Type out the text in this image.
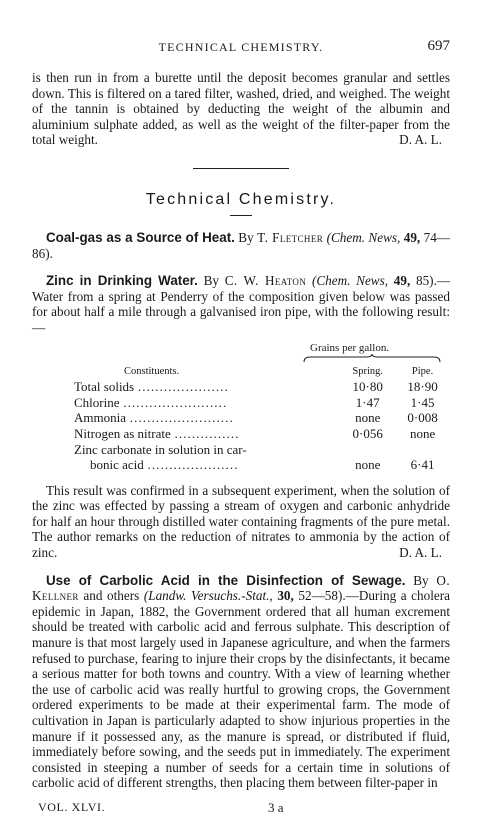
TECHNICAL CHEMISTRY.	697

is then run in from a burette until the deposit becomes granular and settles down. This is filtered on a tared filter, washed, dried, and weighed. The weight of the tannin is obtained by deducting the weight of the albumin and aluminium sulphate added, as well as the weight of the filter-paper from the total weight.	D. A. L.

Technical Chemistry.

Coal-gas as a Source of Heat. By T. Fletcher (Chem. News, 49, 74—86).

Zinc in Drinking Water. By C. W. Heaton (Chem. News, 49, 85).—Water from a spring at Penderry of the composition given below was passed for about half a mile through a galvanised iron pipe, with the following result:—

Grains per gallon.
Constituents.	Spring.	Pipe.
Total solids …………………	10·80	18·90
Chlorine ……………………	1·47	1·45
Ammonia ……………………	none	0·008
Nitrogen as nitrate ……………	0·056	none
Zinc carbonate in solution in car-		
bonic acid …………………	none	6·41

This result was confirmed in a subsequent experiment, when the solution of the zinc was effected by passing a stream of oxygen and carbonic anhydride for half an hour through distilled water containing fragments of the pure metal. The author remarks on the reduction of nitrates to ammonia by the action of zinc.	D. A. L.

Use of Carbolic Acid in the Disinfection of Sewage. By O. Kellner and others (Landw. Versuchs.-Stat., 30, 52—58).—During a cholera epidemic in Japan, 1882, the Government ordered that all human excrement should be treated with carbolic acid and ferrous sulphate. This description of manure is that most largely used in Japanese agriculture, and when the farmers refused to purchase, fearing to injure their crops by the disinfectants, it became a serious matter for both towns and country. With a view of learning whether the use of carbolic acid was really hurtful to growing crops, the Government ordered experiments to be made at their experimental farm. The mode of cultivation in Japan is particularly adapted to show injurious properties in the manure if it possessed any, as the manure is spread, or distributed if fluid, immediately before sowing, and the seeds put in immediately. The experiment consisted in steeping a number of seeds for a certain time in solutions of carbolic acid of different strengths, then placing them between filter-paper in

VOL. XLVI.	3 a
